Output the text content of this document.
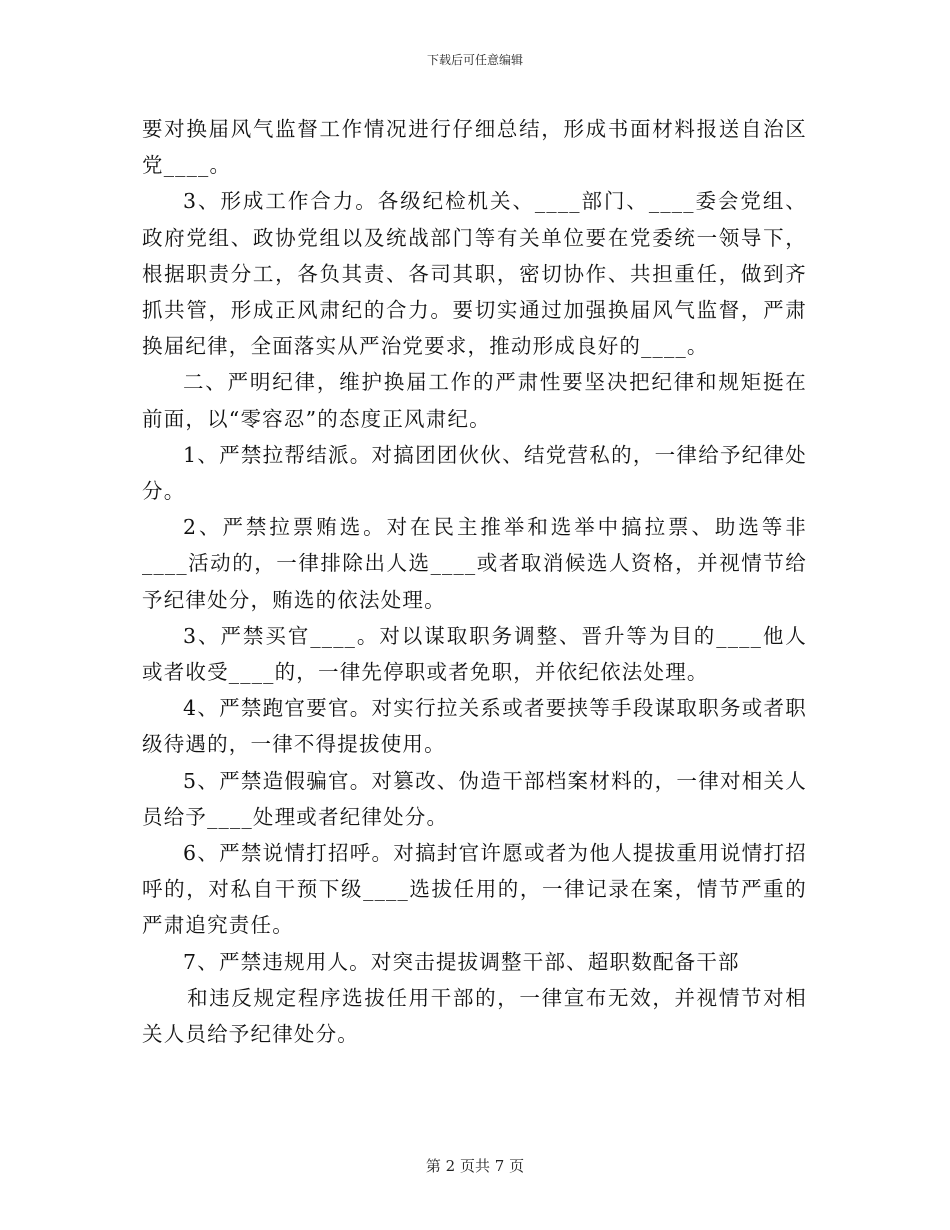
下载后可任意编辑

要对换届风气监督工作情况进行仔细总结，形成书面材料报送自治区党____。

3、形成工作合力。各级纪检机关、____部门、____委会党组、政府党组、政协党组以及统战部门等有关单位要在党委统一领导下，根据职责分工，各负其责、各司其职，密切协作、共担重任，做到齐抓共管，形成正风肃纪的合力。要切实通过加强换届风气监督，严肃换届纪律，全面落实从严治党要求，推动形成良好的____。

二、严明纪律，维护换届工作的严肃性要坚决把纪律和规矩挺在前面，以“零容忍”的态度正风肃纪。

1、严禁拉帮结派。对搞团团伙伙、结党营私的，一律给予纪律处分。

2、严禁拉票贿选。对在民主推举和选举中搞拉票、助选等非____活动的，一律排除出人选____或者取消候选人资格，并视情节给予纪律处分，贿选的依法处理。

3、严禁买官____。对以谋取职务调整、晋升等为目的____他人或者收受____的，一律先停职或者免职，并依纪依法处理。

4、严禁跑官要官。对实行拉关系或者要挟等手段谋取职务或者职级待遇的，一律不得提拔使用。

5、严禁造假骗官。对篡改、伪造干部档案材料的，一律对相关人员给予____处理或者纪律处分。

6、严禁说情打招呼。对搞封官许愿或者为他人提拔重用说情打招呼的，对私自干预下级____选拔任用的，一律记录在案，情节严重的严肃追究责任。

7、严禁违规用人。对突击提拔调整干部、超职数配备干部

和违反规定程序选拔任用干部的，一律宣布无效，并视情节对相关人员给予纪律处分。

第 2 页共 7 页
